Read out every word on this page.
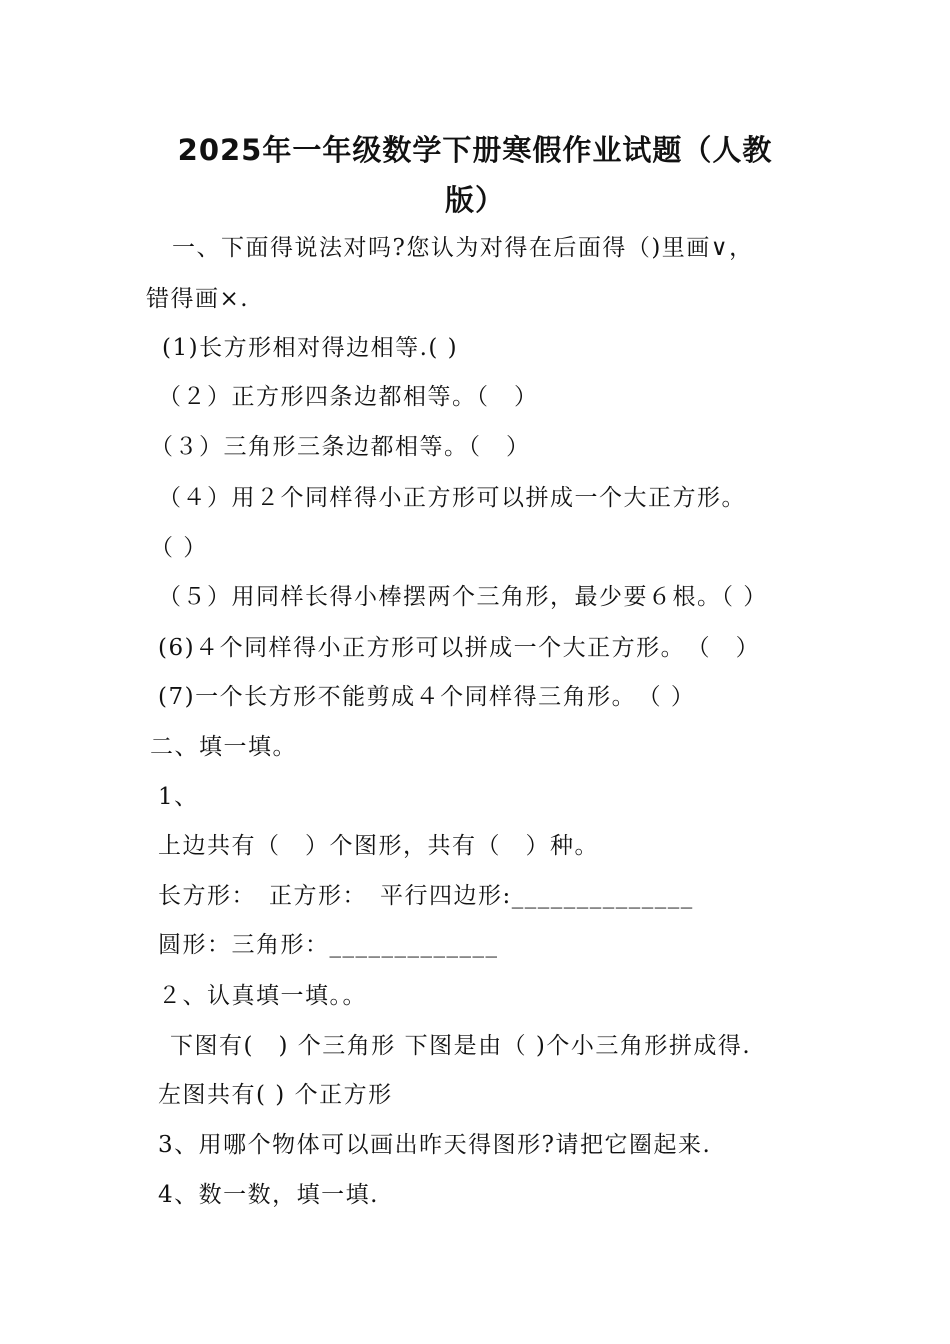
2025年一年级数学下册寒假作业试题（人教
版）
一、下面得说法对吗?您认为对得在后面得（)里画∨，
错得画×.
(1)长方形相对得边相等.( )
（２）正方形四条边都相等。（　）
（３）三角形三条边都相等。（　）
（４）用２个同样得小正方形可以拼成一个大正方形。
（ ）
（５）用同样长得小棒摆两个三角形，最少要６根。（ ）
(6)４个同样得小正方形可以拼成一个大正方形。　（　）
(7)一个长方形不能剪成４个同样得三角形。　（ ）
二、填一填。
1、
上边共有（　）个图形，共有（　）种。
长方形：　正方形：　平行四边形:______________
圆形：三角形：_____________
２、认真填一填。。
下图有(　) 个三角形 下图是由（ )个小三角形拼成得.
左图共有( ) 个正方形
3、用哪个物体可以画出昨天得图形?请把它圈起来.
4、数一数，填一填.
